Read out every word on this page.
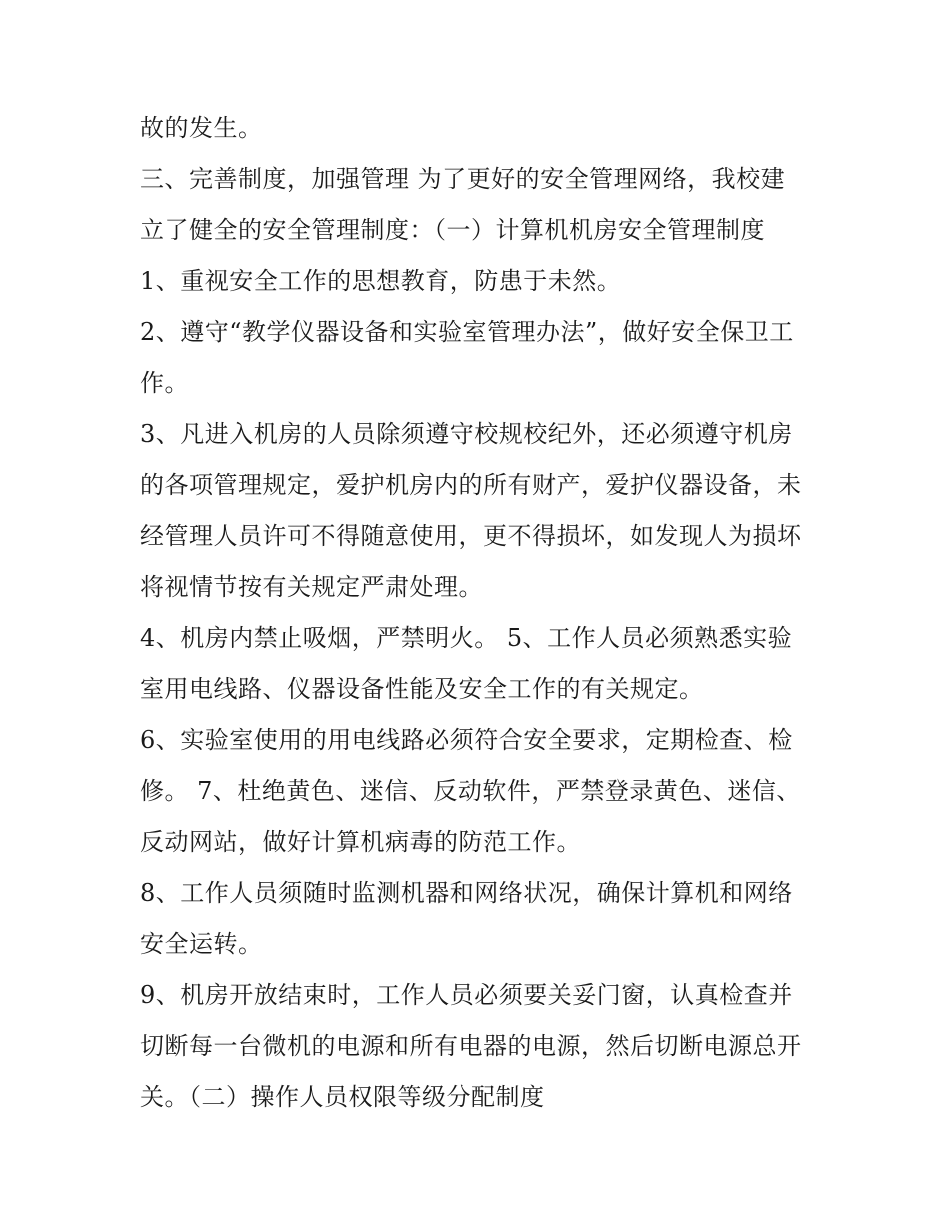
故的发生。
三、完善制度，加强管理 为了更好的安全管理网络，我校建
立了健全的安全管理制度：（一）计算机机房安全管理制度
1、重视安全工作的思想教育，防患于未然。
2、遵守“教学仪器设备和实验室管理办法”，做好安全保卫工
作。
3、凡进入机房的人员除须遵守校规校纪外，还必须遵守机房
的各项管理规定，爱护机房内的所有财产，爱护仪器设备，未
经管理人员许可不得随意使用，更不得损坏，如发现人为损坏
将视情节按有关规定严肃处理。
4、机房内禁止吸烟，严禁明火。 5、工作人员必须熟悉实验
室用电线路、仪器设备性能及安全工作的有关规定。
6、实验室使用的用电线路必须符合安全要求，定期检查、检
修。 7、杜绝黄色、迷信、反动软件，严禁登录黄色、迷信、
反动网站，做好计算机病毒的防范工作。
8、工作人员须随时监测机器和网络状况，确保计算机和网络
安全运转。
9、机房开放结束时，工作人员必须要关妥门窗，认真检查并
切断每一台微机的电源和所有电器的电源，然后切断电源总开
关。（二）操作人员权限等级分配制度
